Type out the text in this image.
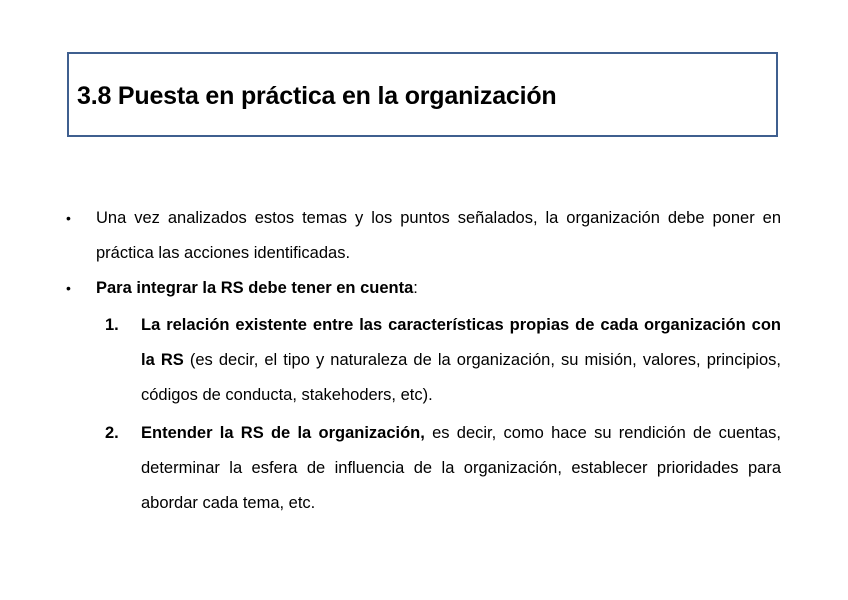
3.8 Puesta en práctica en la organización
• Una vez analizados estos temas y los puntos señalados, la organización debe poner en práctica las acciones identificadas.
• Para integrar la RS debe tener en cuenta:
1. La relación existente entre las características propias de cada organización con la RS (es decir, el tipo y naturaleza de la organización, su misión, valores, principios, códigos de conducta, stakehoders, etc).
2. Entender la RS de la organización, es decir, como hace su rendición de cuentas, determinar la esfera de influencia de la organización, establecer prioridades para abordar cada tema, etc.
